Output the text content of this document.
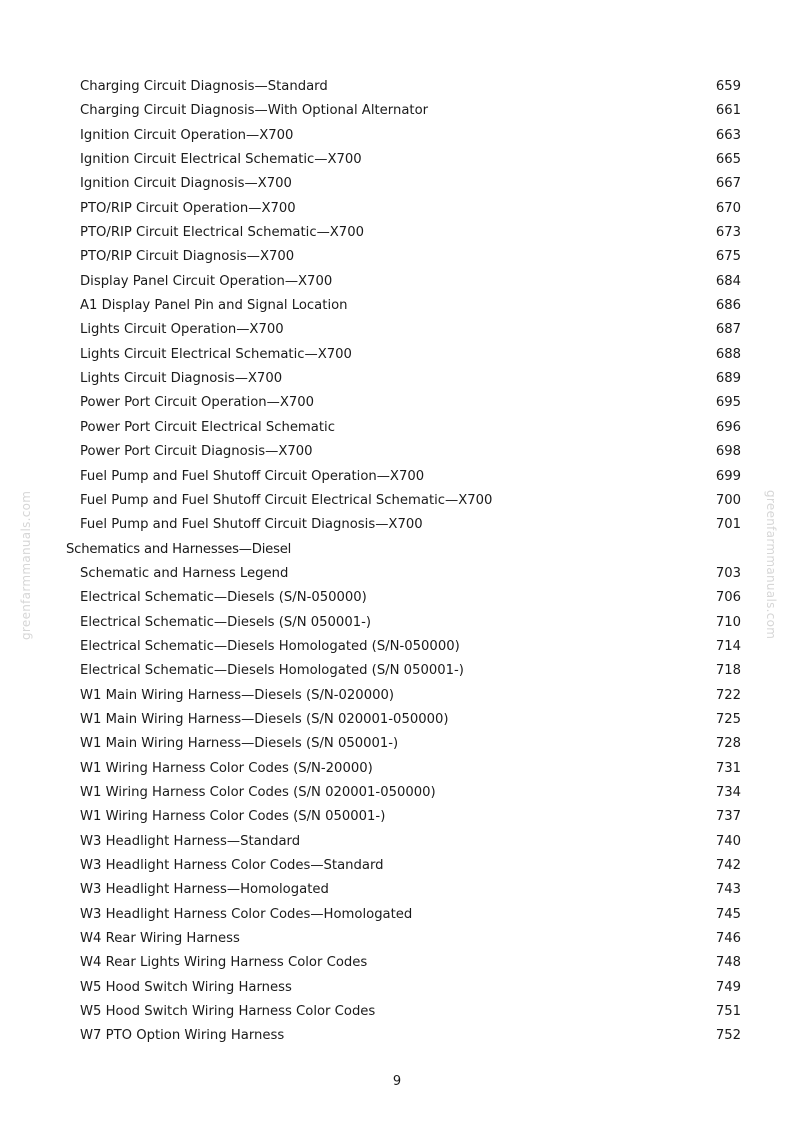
greenfarmmanuals.com	greenfarmmanuals.com
Charging Circuit Diagnosis—Standard	659
Charging Circuit Diagnosis—With Optional Alternator	661
Ignition Circuit Operation—X700	663
Ignition Circuit Electrical Schematic—X700	665
Ignition Circuit Diagnosis—X700	667
PTO/RIP Circuit Operation—X700	670
PTO/RIP Circuit Electrical Schematic—X700	673
PTO/RIP Circuit Diagnosis—X700	675
Display Panel Circuit Operation—X700	684
A1 Display Panel Pin and Signal Location	686
Lights Circuit Operation—X700	687
Lights Circuit Electrical Schematic—X700	688
Lights Circuit Diagnosis—X700	689
Power Port Circuit Operation—X700	695
Power Port Circuit Electrical Schematic	696
Power Port Circuit Diagnosis—X700	698
Fuel Pump and Fuel Shutoff Circuit Operation—X700	699
Fuel Pump and Fuel Shutoff Circuit Electrical Schematic—X700	700
Fuel Pump and Fuel Shutoff Circuit Diagnosis—X700	701
Schematics and Harnesses—Diesel
Schematic and Harness Legend	703
Electrical Schematic—Diesels (S/N-050000)	706
Electrical Schematic—Diesels (S/N 050001-)	710
Electrical Schematic—Diesels Homologated (S/N-050000)	714
Electrical Schematic—Diesels Homologated (S/N 050001-)	718
W1 Main Wiring Harness—Diesels (S/N-020000)	722
W1 Main Wiring Harness—Diesels (S/N 020001-050000)	725
W1 Main Wiring Harness—Diesels (S/N 050001-)	728
W1 Wiring Harness Color Codes (S/N-20000)	731
W1 Wiring Harness Color Codes (S/N 020001-050000)	734
W1 Wiring Harness Color Codes (S/N 050001-)	737
W3 Headlight Harness—Standard	740
W3 Headlight Harness Color Codes—Standard	742
W3 Headlight Harness—Homologated	743
W3 Headlight Harness Color Codes—Homologated	745
W4 Rear Wiring Harness	746
W4 Rear Lights Wiring Harness Color Codes	748
W5 Hood Switch Wiring Harness	749
W5 Hood Switch Wiring Harness Color Codes	751
W7 PTO Option Wiring Harness	752
9
